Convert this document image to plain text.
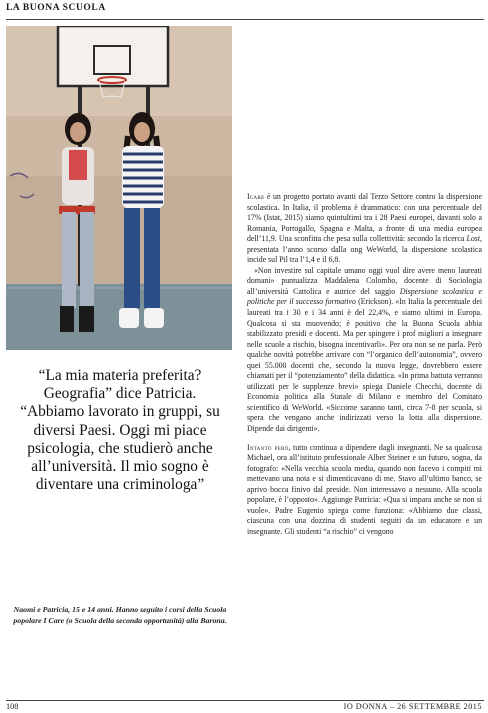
LA BUONA SCUOLA
“La mia materia preferita? Geografia” dice Patricia. “Abbiamo lavorato in gruppi, su diversi Paesi. Oggi mi piace psicologia, che studierò anche all’università. Il mio sogno è diventare una criminologa”
Naomi e Patricia, 15 e 14 anni. Hanno seguito i corsi della Scuola popolare I Care (o Scuola della seconda opportunità) alla Barona.

Icare è un progetto portato avanti dal Terzo Settore contro la dispersione scolastica. In Italia, il problema è drammatico: con una percentuale del 17% (Istat, 2015) siamo quintultimi tra i 28 Paesi europei, davanti solo a Romania, Portogallo, Spagna e Malta, a fronte di una media europea dell’11,9. Una sconfitta che pesa sulla collettività: secondo la ricerca Lost, presentata l’anno scorso dalla ong WeWorld, la dispersione scolastica incide sul Pil tra l’1,4 e il 6,8.

«Non investire sul capitale umano oggi vuol dire avere meno laureati domani» puntualizza Maddalena Colombo, docente di Sociologia all’università Cattolica e autrice del saggio Dispersione scolastica e politiche per il successo formativo (Erickson). «In Italia la percentuale dei laureati tra i 30 e i 34 anni è del 22,4%, e siamo ultimi in Europa. Qualcosa si sta muovendo; è positivo che la Buona Scuola abbia stabilizzato presidi e docenti. Ma per spingere i prof migliori a insegnare nelle scuole a rischio, bisogna incentivarli». Per ora non se ne parla. Però qualche novità potrebbe arrivare con “l’organico dell’autonomia”, ovvero quei 55.000 docenti che, secondo la nuova legge, dovrebbero essere chiamati per il “potenziamento” della didattica. «In prima battuta verranno utilizzati per le supplenze brevi» spiega Daniele Checchi, docente di Economia politica alla Statale di Milano e membro del Comitato scientifico di WeWorld. «Siccome saranno tanti, circa 7-8 per scuola, si spera che vengano anche indirizzati verso la lotta alla dispersione. Dipende dai dirigenti».

Intanto però, tutto continua a dipendere dagli insegnanti. Ne sa qualcosa Michael, ora all’istituto professionale Alber Steiner e un futuro, sogna, da fotografo: «Nella vecchia scuola media, quando non facevo i compiti mi mettevano una nota e si dimenticavano di me. Stavo all’ultimo banco, se aprivo bocca finivo dal preside. Non interessavo a nessuno. Alla scuola popolare, è l’opposto». Aggiunge Patricia: «Qua si impara anche se non si vuole». Padre Eugenio spiega come funziona: «Abbiamo due classi, ciascuna con una dozzina di studenti seguiti da un educatore e un insegnante. Gli studenti “a rischio” ci vengono

108	IO DONNA – 26 SETTEMBRE 2015
